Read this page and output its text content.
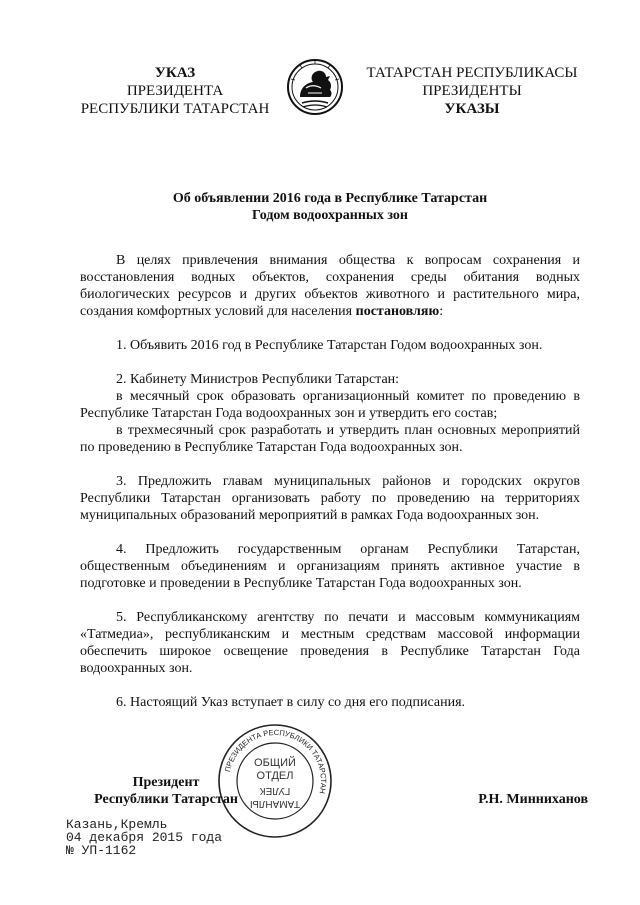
УКАЗ
ПРЕЗИДЕНТА
РЕСПУБЛИКИ ТАТАРСТАН
ТАТАРСТАН РЕСПУБЛИКАСЫ
ПРЕЗИДЕНТЫ
УКАЗЫ
Об объявлении 2016 года в Республике Татарстан
Годом водоохранных зон

В целях привлечения внимания общества к вопросам сохранения и восстановления водных объектов, сохранения среды обитания водных биологических ресурсов и других объектов животного и растительного мира, создания комфортных условий для населения постановляю:

1. Объявить 2016 год в Республике Татарстан Годом водоохранных зон.

2. Кабинету Министров Республики Татарстан:

в месячный срок образовать организационный комитет по проведению в Республике Татарстан Года водоохранных зон и утвердить его состав;

в трехмесячный срок разработать и утвердить план основных мероприятий по проведению в Республике Татарстан Года водоохранных зон.

3. Предложить главам муниципальных районов и городских округов Республики Татарстан организовать работу по проведению на территориях муниципальных образований мероприятий в рамках Года водоохранных зон.

4. Предложить государственным органам Республики Татарстан, общественным объединениям и организациям принять активное участие в подготовке и проведении в Республике Татарстан Года водоохранных зон.

5. Республиканскому агентству по печати и массовым коммуникациям «Татмедиа», республиканским и местным средствам массовой информации обеспечить широкое освещение проведения в Республике Татарстан Года водоохранных зон.

6. Настоящий Указ вступает в силу со дня его подписания.

ПРЕЗИДЕНТА РЕСПУБЛИКИ ТАТАРСТАН
ОБЩИЙ
ОТДЕЛ
ГУЛЕК
ТАМАНЛЫ
Президент
Республики Татарстан	Р.Н. Минниханов
Казань,Кремль
04 декабря 2015 года
№ УП-1162
